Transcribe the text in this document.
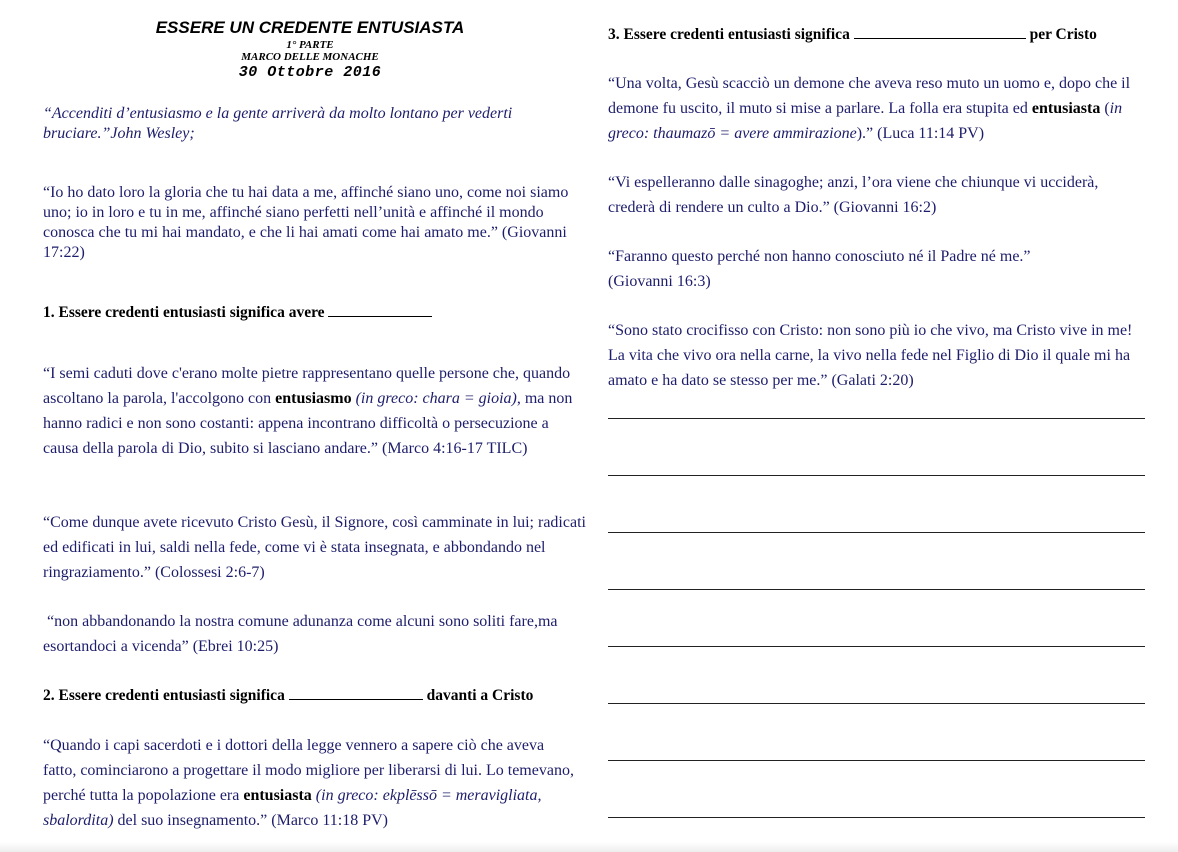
ESSERE UN CREDENTE ENTUSIASTA
1° PARTE
MARCO DELLE MONACHE
30 Ottobre 2016
“Accenditi d’entusiasmo e la gente arriverà da molto lontano per vederti bruciare.”John Wesley;
“Io ho dato loro la gloria che tu hai data a me, affinché siano uno, come noi siamo uno; io in loro e tu in me, affinché siano perfetti nell’unità e affinché il mondo conosca che tu mi hai mandato, e che li hai amati come hai amato me.” (Giovanni 17:22)
1. Essere credenti entusiasti significa avere
“I semi caduti dove c'erano molte pietre rappresentano quelle persone che, quando ascoltano la parola, l'accolgono con entusiasmo (in greco: chara = gioia), ma non hanno radici e non sono costanti: appena incontrano difficoltà o persecuzione a causa della parola di Dio, subito si lasciano andare.” (Marco 4:16-17 TILC)
“Come dunque avete ricevuto Cristo Gesù, il Signore, così camminate in lui; radicati ed edificati in lui, saldi nella fede, come vi è stata insegnata, e abbondando nel ringraziamento.” (Colossesi 2:6-7)
“non abbandonando la nostra comune adunanza come alcuni sono soliti fare,ma esortandoci a vicenda” (Ebrei 10:25)
2. Essere credenti entusiasti significa	davanti a Cristo
“Quando i capi sacerdoti e i dottori della legge vennero a sapere ciò che aveva fatto, cominciarono a progettare il modo migliore per liberarsi di lui. Lo temevano, perché tutta la popolazione era entusiasta (in greco: ekplēssō = meravigliata, sbalordita) del suo insegnamento.” (Marco 11:18 PV)
3. Essere credenti entusiasti significa	per Cristo
“Una volta, Gesù scacciò un demone che aveva reso muto un uomo e, dopo che il demone fu uscito, il muto si mise a parlare. La folla era stupita ed entusiasta (in greco: thaumazō = avere ammirazione).” (Luca 11:14 PV)
“Vi espelleranno dalle sinagoghe; anzi, l’ora viene che chiunque vi ucciderà, crederà di rendere un culto a Dio.” (Giovanni 16:2)
“Faranno questo perché non hanno conosciuto né il Padre né me.” (Giovanni 16:3)
“Sono stato crocifisso con Cristo: non sono più io che vivo, ma Cristo vive in me! La vita che vivo ora nella carne, la vivo nella fede nel Figlio di Dio il quale mi ha amato e ha dato se stesso per me.” (Galati 2:20)
